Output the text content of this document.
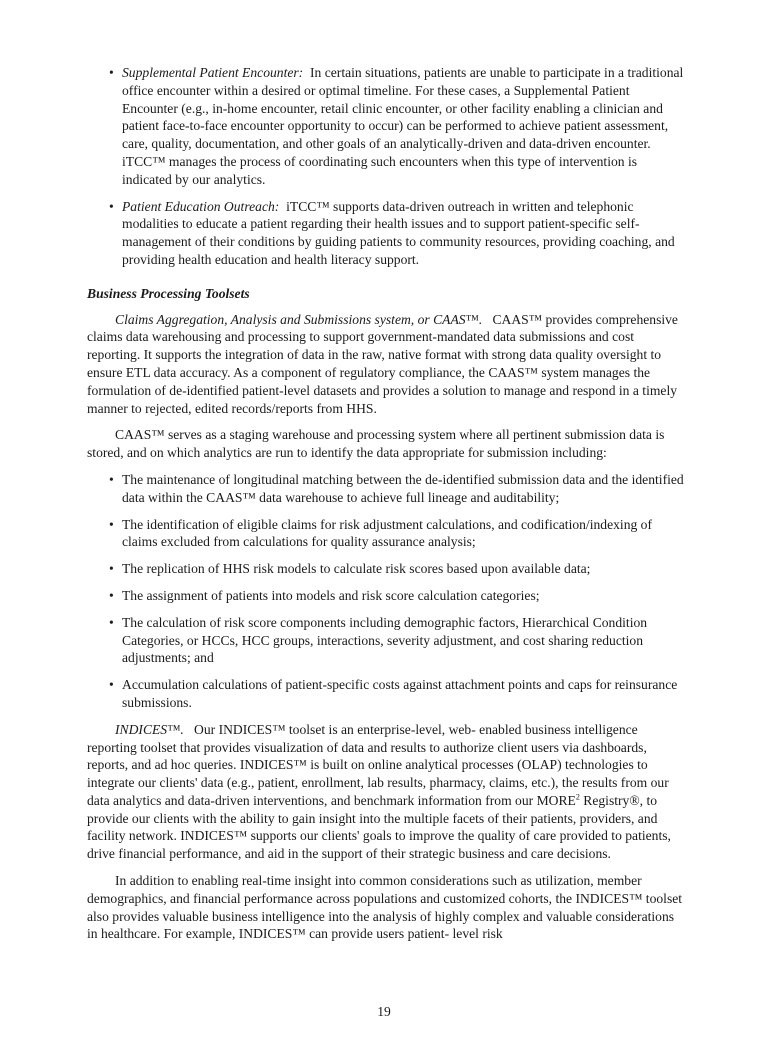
• Supplemental Patient Encounter: In certain situations, patients are unable to participate in a traditional office encounter within a desired or optimal timeline. For these cases, a Supplemental Patient Encounter (e.g., in-home encounter, retail clinic encounter, or other facility enabling a clinician and patient face-to-face encounter opportunity to occur) can be performed to achieve patient assessment, care, quality, documentation, and other goals of an analytically-driven and data-driven encounter. iTCC™ manages the process of coordinating such encounters when this type of intervention is indicated by our analytics.
• Patient Education Outreach: iTCC™ supports data-driven outreach in written and telephonic modalities to educate a patient regarding their health issues and to support patient-specific self-management of their conditions by guiding patients to community resources, providing coaching, and providing health education and health literacy support.

Business Processing Toolsets

Claims Aggregation, Analysis and Submissions system, or CAAS™. CAAS™ provides comprehensive claims data warehousing and processing to support government-mandated data submissions and cost reporting. It supports the integration of data in the raw, native format with strong data quality oversight to ensure ETL data accuracy. As a component of regulatory compliance, the CAAS™ system manages the formulation of de-identified patient-level datasets and provides a solution to manage and respond in a timely manner to rejected, edited records/reports from HHS.

CAAS™ serves as a staging warehouse and processing system where all pertinent submission data is stored, and on which analytics are run to identify the data appropriate for submission including:

• The maintenance of longitudinal matching between the de-identified submission data and the identified data within the CAAS™ data warehouse to achieve full lineage and auditability;
• The identification of eligible claims for risk adjustment calculations, and codification/indexing of claims excluded from calculations for quality assurance analysis;
• The replication of HHS risk models to calculate risk scores based upon available data;
• The assignment of patients into models and risk score calculation categories;
• The calculation of risk score components including demographic factors, Hierarchical Condition Categories, or HCCs, HCC groups, interactions, severity adjustment, and cost sharing reduction adjustments; and
• Accumulation calculations of patient-specific costs against attachment points and caps for reinsurance submissions.

INDICES™. Our INDICES™ toolset is an enterprise-level, web- enabled business intelligence reporting toolset that provides visualization of data and results to authorize client users via dashboards, reports, and ad hoc queries. INDICES™ is built on online analytical processes (OLAP) technologies to integrate our clients' data (e.g., patient, enrollment, lab results, pharmacy, claims, etc.), the results from our data analytics and data-driven interventions, and benchmark information from our MORE$^2$ Registry®, to provide our clients with the ability to gain insight into the multiple facets of their patients, providers, and facility network. INDICES™ supports our clients' goals to improve the quality of care provided to patients, drive financial performance, and aid in the support of their strategic business and care decisions.

In addition to enabling real-time insight into common considerations such as utilization, member demographics, and financial performance across populations and customized cohorts, the INDICES™ toolset also provides valuable business intelligence into the analysis of highly complex and valuable considerations in healthcare. For example, INDICES™ can provide users patient- level risk

19
